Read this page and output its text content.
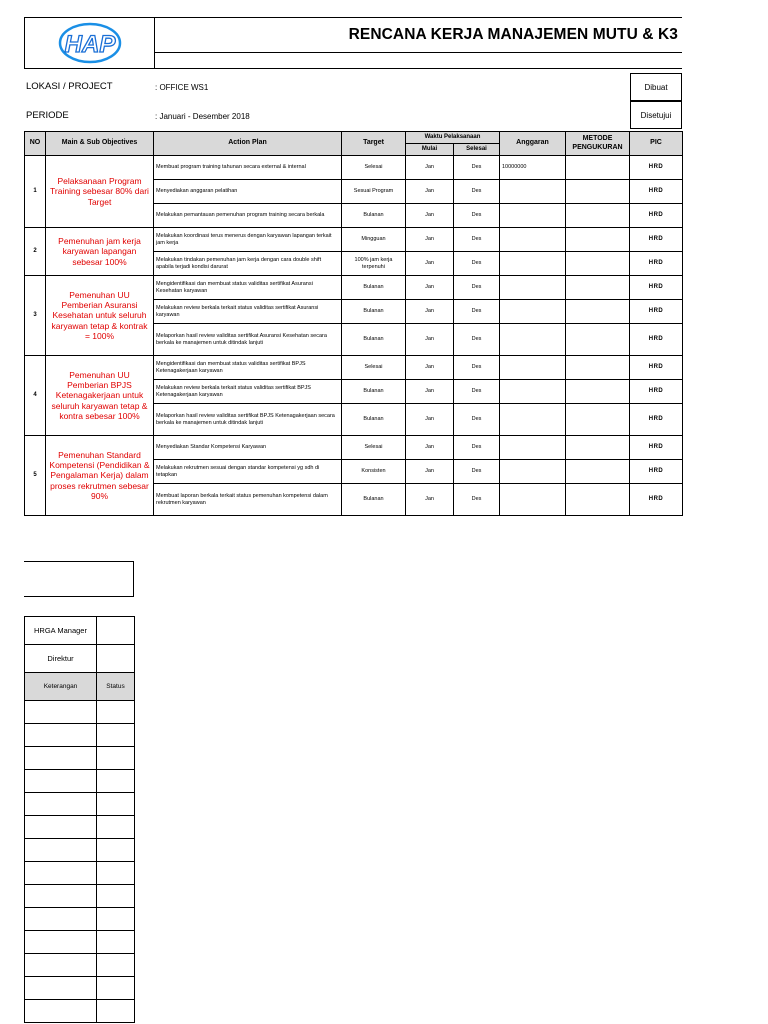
HAP	RENCANA KERJA MANAJEMEN MUTU & K3
LOKASI / PROJECT	: OFFICE WS1
PERIODE	: Januari - Desember 2018
Dibuat
Disetujui
NO	Main & Sub Objectives	Action Plan	Target	Waktu Pelaksanaan		Anggaran	METODE PENGUKURAN	PIC
				Mulai	Selesai			
1	Pelaksanaan Program Training sebesar 80% dari Target	Membuat program training tahunan secara external & internal	Selesai	Jan	Des	10000000		HRD
		Menyediakan anggaran pelatihan	Sesuai Program	Jan	Des			HRD
		Melakukan pemantauan pemenuhan program training secara berkala	Bulanan	Jan	Des			HRD
2	Pemenuhan jam kerja karyawan lapangan sebesar 100%	Melakukan koordinasi terus menerus dengan karyawan lapangan terkait jam kerja	Mingguan	Jan	Des			HRD
		Melakukan tindakan pemenuhan jam kerja dengan cara double shift apabila terjadi kondisi darurat	100% jam kerja terpenuhi	Jan	Des			HRD
3	Pemenuhan UU Pemberian Asuransi Kesehatan untuk seluruh karyawan tetap & kontrak = 100%	Mengidentifikasi dan membuat status validitas sertifikat Asuransi Kesehatan karyawan	Bulanan	Jan	Des			HRD
		Melakukan review berkala terkait status validitas sertifikat Asuransi karyawan	Bulanan	Jan	Des			HRD
		Melaporkan hasil review validitas sertifikat Asuransi Kesehatan secara berkala ke manajemen untuk ditindak lanjuti	Bulanan	Jan	Des			HRD
4	Pemenuhan UU Pemberian BPJS Ketenagakerjaan untuk seluruh karyawan tetap & kontra sebesar 100%	Mengidentifikasi dan membuat status validitas sertifikat BPJS Ketenagakerjaan karyawan	Selesai	Jan	Des			HRD
		Melakukan review berkala terkait status validitas sertifikat BPJS Ketenagakerjaan karyawan	Bulanan	Jan	Des			HRD
		Melaporkan hasil review validitas sertifikat BPJS Ketenagakerjaan secara berkala ke manajemen untuk ditindak lanjuti	Bulanan	Jan	Des			HRD
5	Pemenuhan Standard Kompetensi (Pendidikan & Pengalaman Kerja) dalam proses rekrutmen sebesar 90%	Menyediakan Standar Kompetensi Karyawan	Selesai	Jan	Des			HRD
		Melakukan rekrutmen sesuai dengan standar kompetensi yg sdh di tetapkan	Konsisten	Jan	Des			HRD
		Membuat laporan berkala terkait status pemenuhan kompetensi dalam rekrutmen karyawan	Bulanan	Jan	Des			HRD
HRGA Manager	
Direktur	
Keterangan	Status
